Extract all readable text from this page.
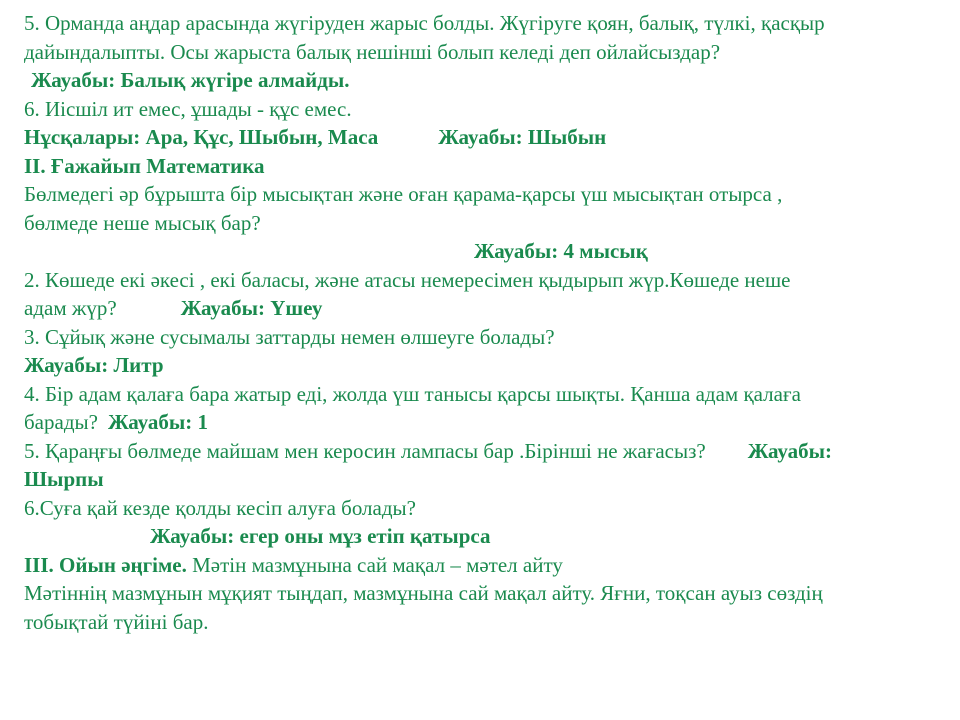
5. Орманда аңдар арасында жүгіруден жарыс болды. Жүгіруге қоян, балық, түлкі, қасқыр
дайындалыпты. Осы жарыста балық нешінші болып келеді деп ойлайсыздар?
Жауабы: Балық жүгіре алмайды.
6. Иісшіл ит емес, ұшады - құс емес.
Нұсқалары: Ара, Құс, Шыбын, Маса	Жауабы: Шыбын
ІІ. Ғажайып Математика
Бөлмедегі әр бұрышта бір мысықтан және оған қарама-қарсы үш мысықтан отырса ,
бөлмеде неше мысық бар?
Жауабы: 4 мысық
2. Көшеде екі әкесі , екі баласы, және атасы немересімен қыдырып жүр.Көшеде неше
адам жүр?	Жауабы: Үшеу
3. Сұйық және сусымалы заттарды немен өлшеуге болады?
Жауабы: Литр
4. Бір адам қалаға бара жатыр еді, жолда үш танысы қарсы шықты. Қанша адам қалаға
барады? Жауабы: 1
5. Қараңғы бөлмеде майшам мен керосин лампасы бар .Бірінші не жағасыз? Жауабы:
Шырпы
6.Суға қай кезде қолды кесіп алуға болады?
Жауабы: егер оны мұз етіп қатырса
ІІІ. Ойын әңгіме. Мәтін мазмұнына сай мақал – мәтел айту
Мәтіннің мазмұнын мұқият тыңдап, мазмұнына сай мақал айту. Яғни, тоқсан ауыз сөздің
тобықтай түйіні бар.
